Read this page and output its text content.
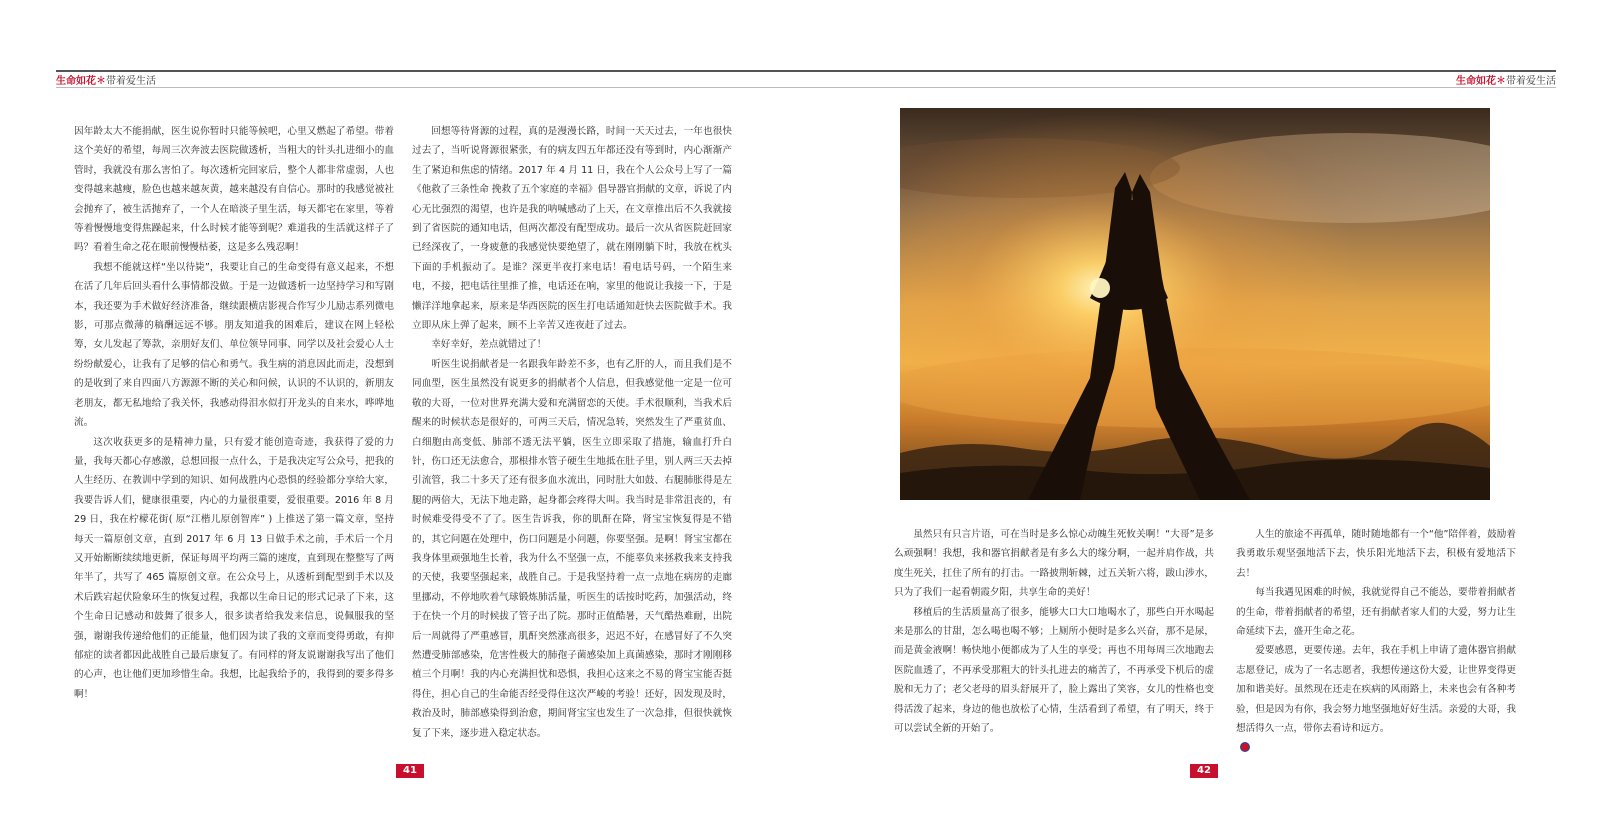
生命如花✽带着爱生活

因年龄太大不能捐献，医生说你暂时只能等候吧，心里又燃起了希望。带着这个美好的希望，每周三次奔波去医院做透析，当粗大的针头扎进细小的血管时，我就没有那么害怕了。每次透析完回家后，整个人都非常虚弱，人也变得越来越瘦，脸色也越来越灰黄，越来越没有自信心。那时的我感觉被社会抛弃了，被生活抛弃了，一个人在暗淡子里生活，每天都宅在家里，等着等着慢慢地变得焦躁起来，什么时候才能等到呢？难道我的生活就这样子了吗？看着生命之花在眼前慢慢枯萎，这是多么残忍啊！

我想不能就这样“坐以待毙”，我要让自己的生命变得有意义起来，不想在活了几年后回头看什么事情都没做。于是一边做透析一边坚持学习和写剧本，我还要为手术做好经济准备，继续跟横店影视合作写少儿励志系列微电影，可那点微薄的稿酬远远不够。朋友知道我的困难后，建议在网上轻松筹，女儿发起了筹款，亲朋好友们、单位领导同事、同学以及社会爱心人士纷纷献爱心，让我有了足够的信心和勇气。我生病的消息因此而走，没想到的是收到了来自四面八方源源不断的关心和问候，认识的不认识的，新朋友老朋友，都无私地给了我关怀，我感动得泪水似打开龙头的自来水，哗哗地流。

这次收获更多的是精神力量，只有爱才能创造奇迹，我获得了爱的力量，我每天都心存感激，总想回报一点什么，于是我决定写公众号，把我的人生经历、在教训中学到的知识、如何战胜内心恐惧的经验都分享给大家，我要告诉人们，健康很重要，内心的力量很重要，爱很重要。2016 年 8 月 29 日，我在柠檬花街( 原“江楷儿原创智库” ) 上推送了第一篇文章，坚持每天一篇原创文章，直到 2017 年 6 月 13 日做手术之前，手术后一个月又开始断断续续地更新，保证每周平均两三篇的速度，直到现在整整写了两年半了，共写了 465 篇原创文章。在公众号上，从透析到配型到手术以及术后跌宕起伏险象环生的恢复过程，我都以生命日记的形式记录了下来，这个生命日记感动和鼓舞了很多人，很多读者给我发来信息，说佩服我的坚强，谢谢我传递给他们的正能量，他们因为读了我的文章而变得勇敢，有抑郁症的读者都因此战胜自己最后康复了。有同样的肾友说谢谢我写出了他们的心声，也让他们更加珍惜生命。我想，比起我给予的，我得到的要多得多啊！

回想等待肾源的过程，真的是漫漫长路，时间一天天过去，一年也很快过去了，当听说肾源很紧张，有的病友四五年都还没有等到时，内心渐渐产生了紧迫和焦虑的情绪。2017 年 4 月 11 日，我在个人公众号上写了一篇《他救了三条性命 挽救了五个家庭的幸福》倡导器官捐献的文章，诉说了内心无比强烈的渴望，也许是我的呐喊感动了上天，在文章推出后不久我就接到了省医院的通知电话，但两次都没有配型成功。最后一次从省医院赶回家已经深夜了，一身疲惫的我感觉快要绝望了，就在刚刚躺下时，我放在枕头下面的手机振动了。是谁？深更半夜打来电话！看电话号码，一个陌生来电，不接，把电话往里推了推，电话还在响，家里的他说让我接一下，于是懒洋洋地拿起来，原来是华西医院的医生打电话通知赶快去医院做手术。我立即从床上弹了起来，顾不上辛苦又连夜赶了过去。

幸好幸好，差点就错过了！

听医生说捐献者是一名跟我年龄差不多，也有乙肝的人，而且我们是不同血型，医生虽然没有说更多的捐献者个人信息，但我感觉他一定是一位可敬的大哥，一位对世界充满大爱和充满留恋的天使。手术很顺利，当我术后醒来的时候状态是很好的，可两三天后，情况急转，突然发生了严重贫血、白细胞由高变低、肺部不透无法平躺，医生立即采取了措施，输血打升白针，伤口还无法愈合，那根排水管子硬生生地抵在肚子里，别人两三天去掉引流管，我二十多天了还有很多血水流出，同时肚大如鼓、右腿肺胀得是左腿的两倍大，无法下地走路，起身都会疼得大叫。我当时是非常沮丧的，有时候难受得受不了了。医生告诉我，你的肌酐在降，肾宝宝恢复得是不错的，其它问题在处理中，伤口问题是小问题，你要坚强。是啊！肾宝宝都在我身体里顽强地生长着，我为什么不坚强一点，不能辜负来拯救我来支持我的天使，我要坚强起来，战胜自己。于是我坚持着一点一点地在病房的走廊里挪动，不停地吹着气球锻炼肺活量，听医生的话按时吃药，加强活动，终于在快一个月的时候拔了管子出了院。那时正值酷暑，天气酷热难耐，出院后一周就得了严重感冒，肌酐突然涨高很多，迟迟不好，在感冒好了不久突然遭受肺部感染，危害性极大的肺孢子菌感染加上真菌感染，那时才刚刚移植三个月啊！我的内心充满担忧和恐惧，我担心这来之不易的肾宝宝能否挺得住，担心自己的生命能否经受得住这次严峻的考验！还好，因发现及时，救治及时，肺部感染得到治愈，期间肾宝宝也发生了一次急排，但很快就恢复了下来，逐步进入稳定状态。

41
生命如花✽带着爱生活

虽然只有只言片语，可在当时是多么惊心动魄生死攸关啊！“大哥”是多么顽强啊！我想，我和器官捐献者是有多么大的缘分啊，一起并肩作战，共度生死关，扛住了所有的打击。一路披荆斩棘，过五关斩六将，跋山涉水，只为了我们一起看朝霞夕阳，共享生命的美好！

移植后的生活质量高了很多，能够大口大口地喝水了，那些白开水喝起来是那么的甘甜，怎么喝也喝不够；上厕所小便时是多么兴奋，那不是尿，而是黄金液啊！畅快地小便都成为了人生的享受；再也不用每周三次地跑去医院血透了，不再承受那粗大的针头扎进去的痛苦了，不再承受下机后的虚脱和无力了；老父老母的眉头舒展开了，脸上露出了笑容，女儿的性格也变得活泼了起来，身边的他也放松了心情，生活看到了希望，有了明天，终于可以尝试全新的开始了。

人生的旅途不再孤单，随时随地都有一个“他”陪伴着，鼓励着我勇敢乐观坚强地活下去，快乐阳光地活下去，积极有爱地活下去！

每当我遇见困难的时候，我就觉得自己不能怂，要带着捐献者的生命，带着捐献者的希望，还有捐献者家人们的大爱，努力让生命延续下去，盛开生命之花。

爱要感恩，更要传递。去年，我在手机上申请了遗体器官捐献志愿登记，成为了一名志愿者，我想传递这份大爱，让世界变得更加和谐美好。虽然现在还走在疾病的风雨路上，未来也会有各种考验，但是因为有你，我会努力地坚强地好好生活。亲爱的大哥，我想活得久一点，带你去看诗和远方。

42
